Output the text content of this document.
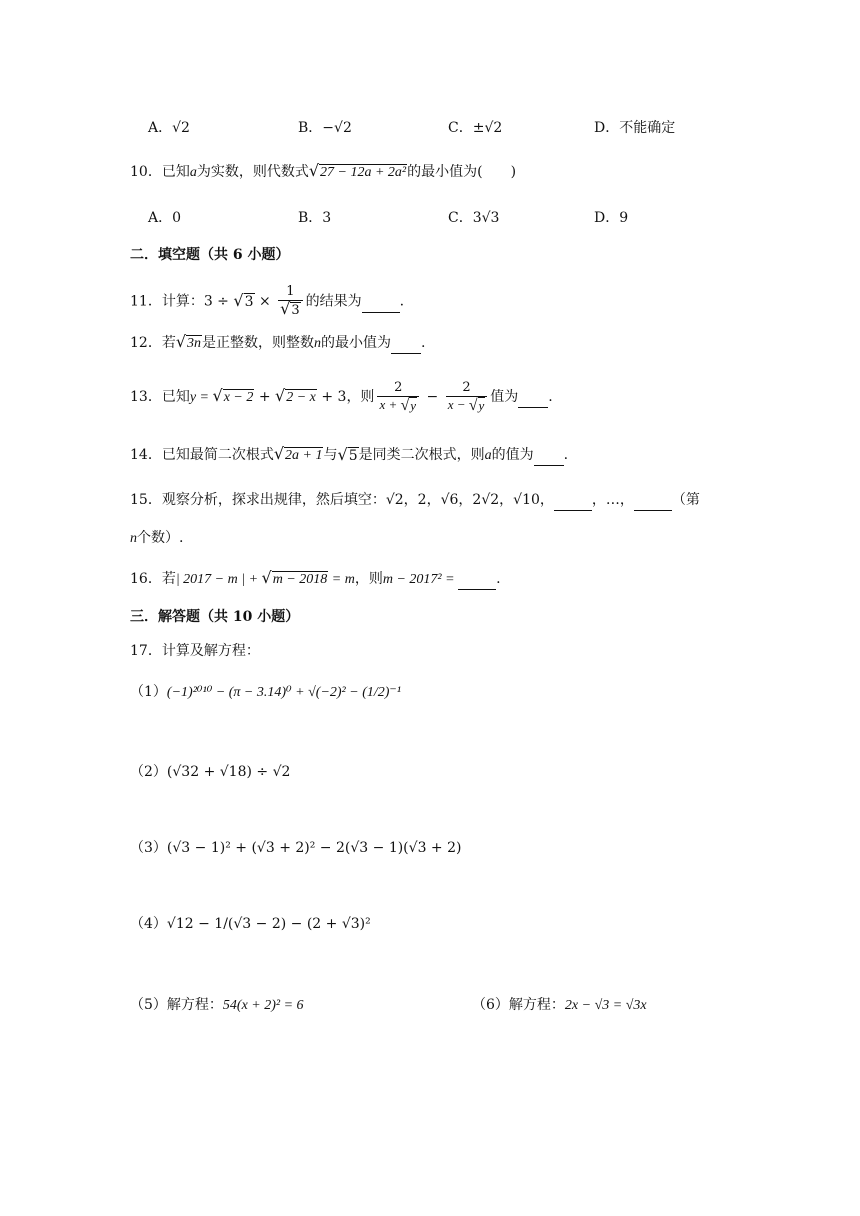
A．√2	B．−√2	C．±√2	D．不能确定
10．已知a为实数，则代数式√27 − 12a + 2a²的最小值为(　　)
A．0	B．3	C．3√3	D．9
二．填空题（共 6 小题）
11．计算：$3 \div √3 \times \frac{1}{√3}$ 的结果为	.
12．若√3n是正整数，则整数n的最小值为 .
13．已知y = √x − 2 + √2 − x + 3，则 $\frac{2}{x + √y} - \frac{2}{x - √y}$ 值为 .
14．已知最简二次根式√2a + 1与√5是同类二次根式，则a的值为 .
15．观察分析，探求出规律，然后填空：√2，2，√6，2√2，√10，	，…，	（第
n个数）.
16．若| 2017 − m | + √m − 2018 = m，则m − 2017² =	.
三．解答题（共 10 小题）
17．计算及解方程：
（1）(−1)²⁰¹⁰ − (π − 3.14)⁰ + √(−2)² − (1/2)⁻¹
（2）(√32 + √18) ÷ √2
（3）(√3 − 1)² + (√3 + 2)² − 2(√3 − 1)(√3 + 2)
（4）√12 − 1/(√3 − 2) − (2 + √3)²
（5）解方程：54(x + 2)² = 6	（6）解方程：2x − √3 = √3x
